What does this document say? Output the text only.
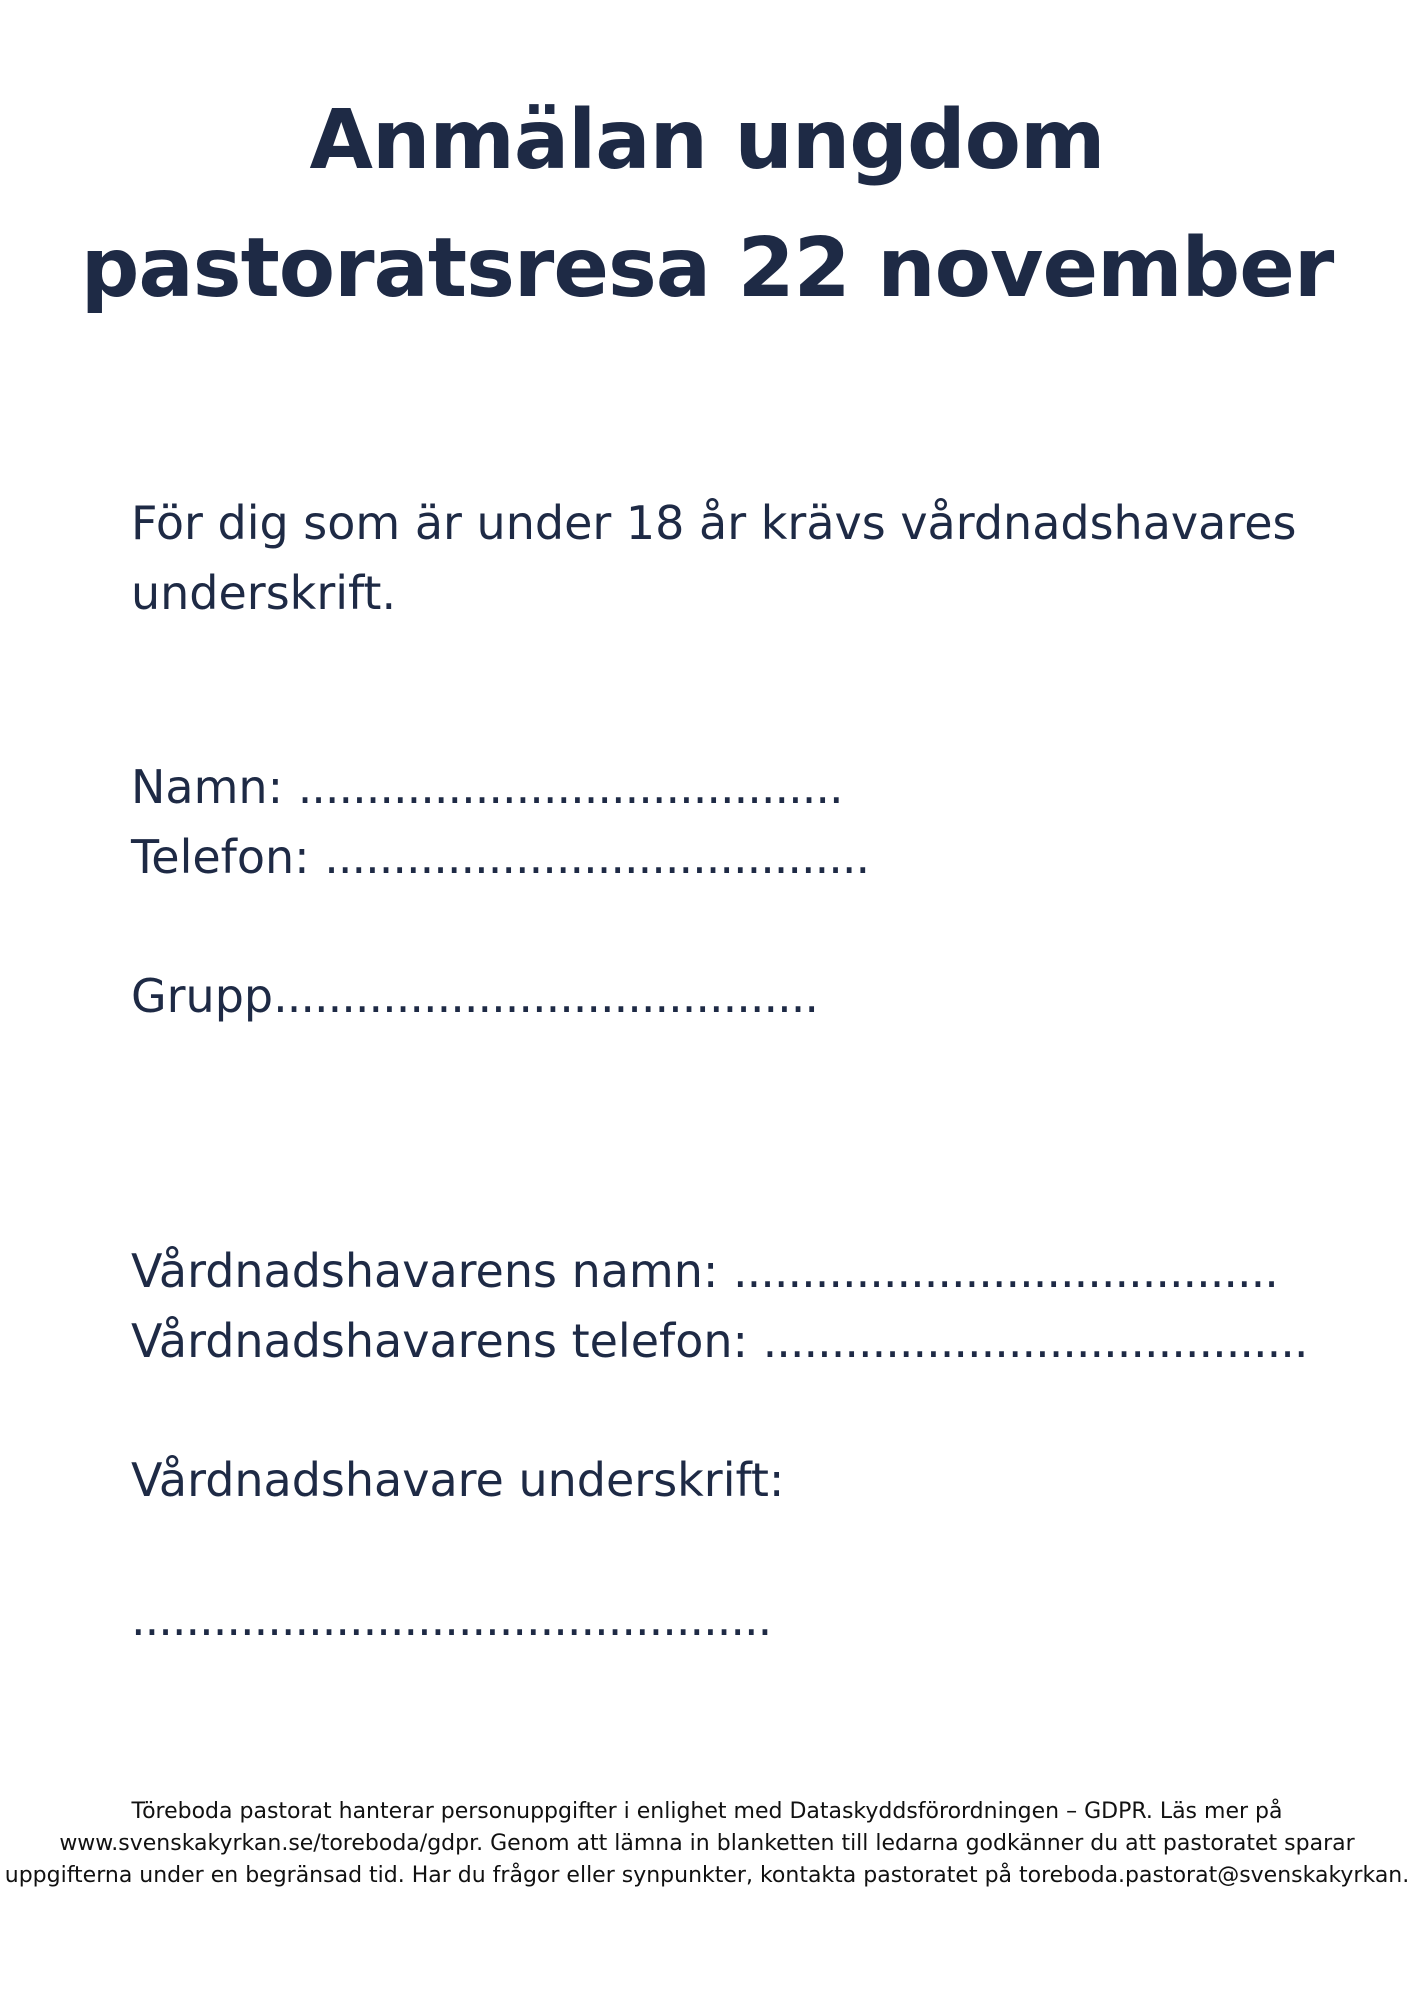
Anmälan ungdom
pastoratsresa 22 november

För dig som är under 18 år krävs vårdnadshavares underskrift.

Namn: ........................................
Telefon: ........................................
Grupp........................................
Vårdnadshavarens namn: ........................................
Vårdnadshavarens telefon: ........................................
Vårdnadshavare underskrift:
...............................................
Töreboda pastorat hanterar personuppgifter i enlighet med Dataskyddsförordningen – GDPR. Läs mer på
www.svenskakyrkan.se/toreboda/gdpr. Genom att lämna in blanketten till ledarna godkänner du att pastoratet sparar
uppgifterna under en begränsad tid. Har du frågor eller synpunkter, kontakta pastoratet på toreboda.pastorat@svenskakyrkan.
